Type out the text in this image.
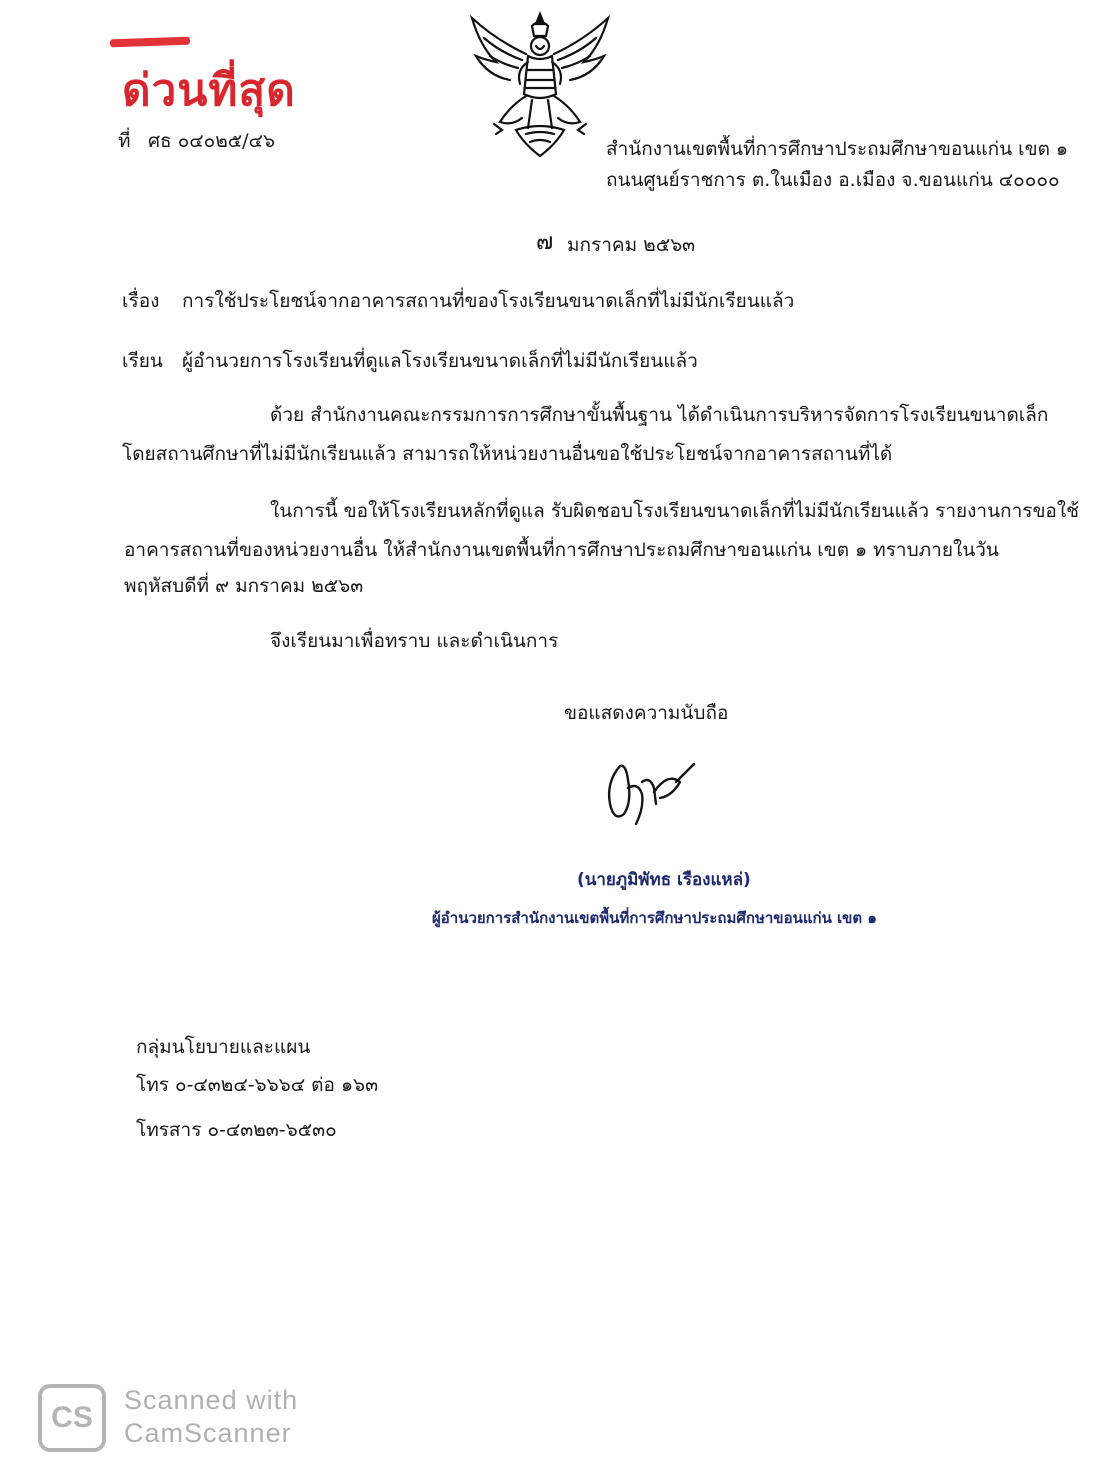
ด่วนที่สุด
ที่ ศธ ๐๔๐๒๕/๔๖	สำนักงานเขตพื้นที่การศึกษาประถมศึกษาขอนแก่น เขต ๑
ถนนศูนย์ราชการ ต.ในเมือง อ.เมือง จ.ขอนแก่น ๔๐๐๐๐
๗ มกราคม ๒๕๖๓
เรื่อง การใช้ประโยชน์จากอาคารสถานที่ของโรงเรียนขนาดเล็กที่ไม่มีนักเรียนแล้ว
เรียน ผู้อำนวยการโรงเรียนที่ดูแลโรงเรียนขนาดเล็กที่ไม่มีนักเรียนแล้ว
ด้วย สำนักงานคณะกรรมการการศึกษาขั้นพื้นฐาน ได้ดำเนินการบริหารจัดการโรงเรียนขนาดเล็ก
โดยสถานศึกษาที่ไม่มีนักเรียนแล้ว สามารถให้หน่วยงานอื่นขอใช้ประโยชน์จากอาคารสถานที่ได้
ในการนี้ ขอให้โรงเรียนหลักที่ดูแล รับผิดชอบโรงเรียนขนาดเล็กที่ไม่มีนักเรียนแล้ว รายงานการขอใช้
อาคารสถานที่ของหน่วยงานอื่น ให้สำนักงานเขตพื้นที่การศึกษาประถมศึกษาขอนแก่น เขต ๑ ทราบภายในวัน
พฤหัสบดีที่ ๙ มกราคม ๒๕๖๓
จึงเรียนมาเพื่อทราบ และดำเนินการ
ขอแสดงความนับถือ
(นายภูมิพัทธ เรืองแหล่)
ผู้อำนวยการสำนักงานเขตพื้นที่การศึกษาประถมศึกษาขอนแก่น เขต ๑
กลุ่มนโยบายและแผน
โทร ๐-๔๓๒๔-๖๖๖๔ ต่อ ๑๖๓
โทรสาร ๐-๔๓๒๓-๖๕๓๐
CS
Scanned with
CamScanner
